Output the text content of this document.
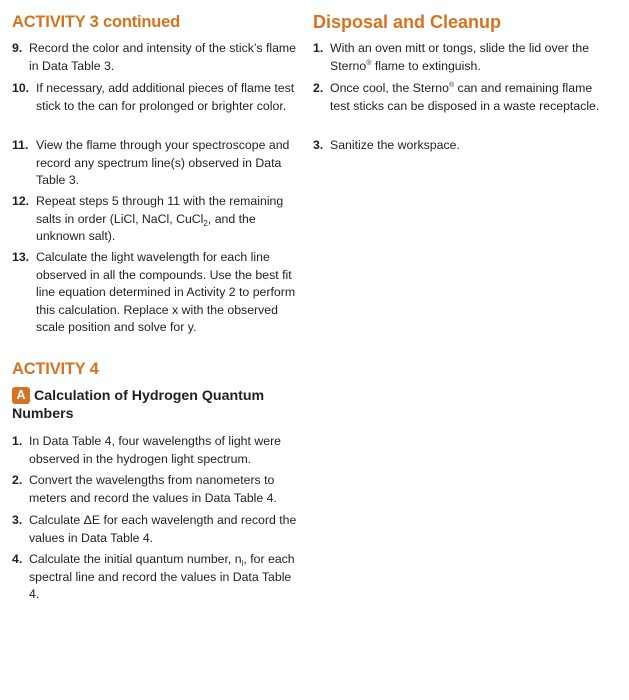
ACTIVITY 3 continued
9. Record the color and intensity of the stick’s flame in Data Table 3.
10. If necessary, add additional pieces of flame test stick to the can for prolonged or brighter color.
11. View the flame through your spectroscope and record any spectrum line(s) observed in Data Table 3.
12. Repeat steps 5 through 11 with the remaining salts in order (LiCl, NaCl, CuCl$_2$, and the unknown salt).
13. Calculate the light wavelength for each line observed in all the compounds. Use the best fit line equation determined in Activity 2 to perform this calculation. Replace x with the observed scale position and solve for y.
ACTIVITY 4
A Calculation of Hydrogen Quantum Numbers
1. In Data Table 4, four wavelengths of light were observed in the hydrogen light spectrum.
2. Convert the wavelengths from nanometers to meters and record the values in Data Table 4.
3. Calculate ΔE for each wavelength and record the values in Data Table 4.
4. Calculate the initial quantum number, $n_i$, for each spectral line and record the values in Data Table 4.
Disposal and Cleanup
1. With an oven mitt or tongs, slide the lid over the Sterno® flame to extinguish.
2. Once cool, the Sterno® can and remaining flame test sticks can be disposed in a waste receptacle.
3. Sanitize the workspace.
